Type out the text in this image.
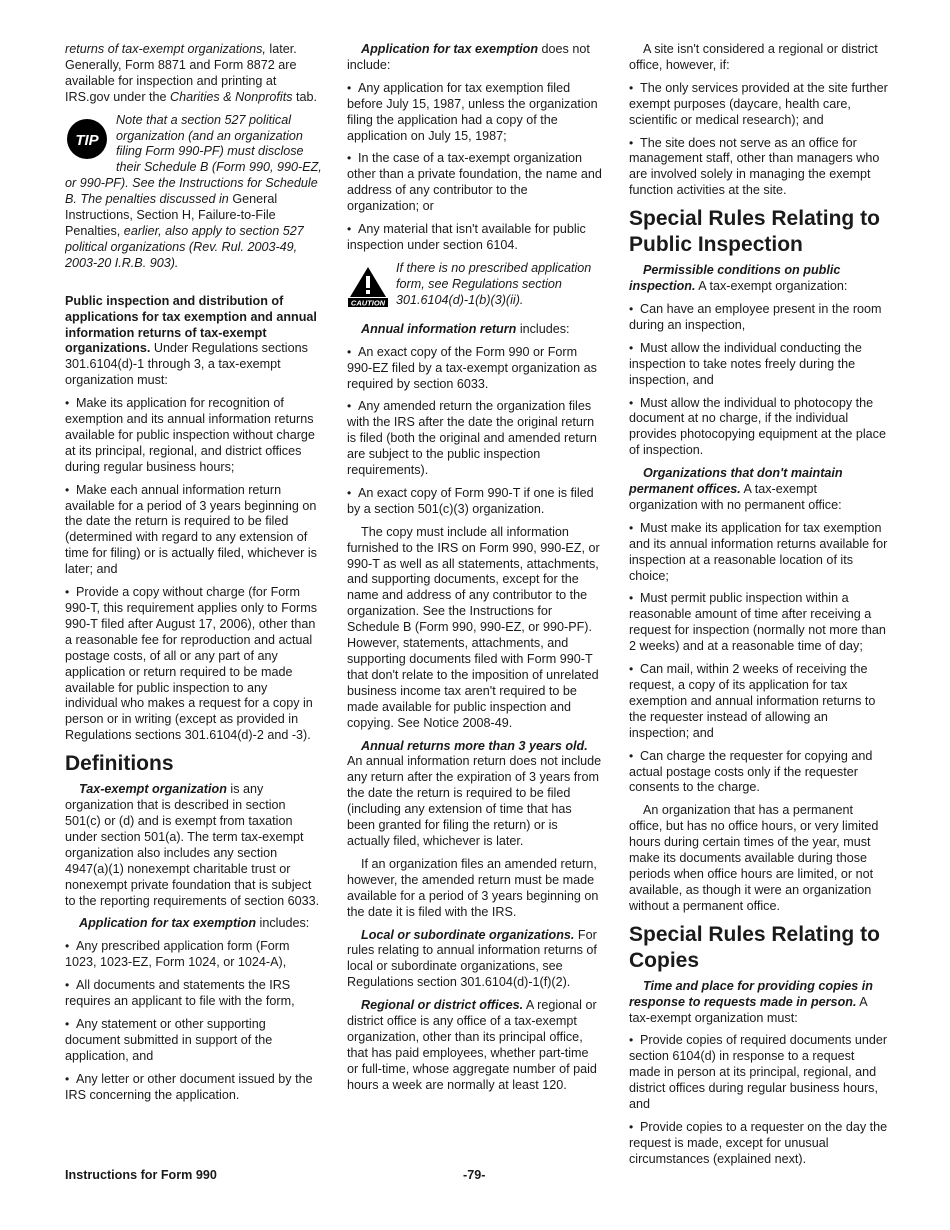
returns of tax-exempt organizations, later. Generally, Form 8871 and Form 8872 are available for inspection and printing at IRS.gov under the Charities & Nonprofits tab.

TIP
Note that a section 527 political organization (and an organization filing Form 990-PF) must disclose their Schedule B (Form 990, 990-EZ, or 990-PF). See the Instructions for Schedule B. The penalties discussed in General Instructions, Section H, Failure-to-File Penalties, earlier, also apply to section 527 political organizations (Rev. Rul. 2003-49, 2003-20 I.R.B. 903).

Public inspection and distribution of applications for tax exemption and annual information returns of tax-exempt organizations. Under Regulations sections 301.6104(d)-1 through 3, a tax-exempt organization must:

• Make its application for recognition of exemption and its annual information returns available for public inspection without charge at its principal, regional, and district offices during regular business hours;

• Make each annual information return available for a period of 3 years beginning on the date the return is required to be filed (determined with regard to any extension of time for filing) or is actually filed, whichever is later; and

• Provide a copy without charge (for Form 990-T, this requirement applies only to Forms 990-T filed after August 17, 2006), other than a reasonable fee for reproduction and actual postage costs, of all or any part of any application or return required to be made available for public inspection to any individual who makes a request for a copy in person or in writing (except as provided in Regulations sections 301.6104(d)-2 and -3).

Definitions

Tax-exempt organization is any organization that is described in section 501(c) or (d) and is exempt from taxation under section 501(a). The term tax-exempt organization also includes any section 4947(a)(1) nonexempt charitable trust or nonexempt private foundation that is subject to the reporting requirements of section 6033.

Application for tax exemption includes:

• Any prescribed application form (Form 1023, 1023-EZ, Form 1024, or 1024-A),

• All documents and statements the IRS requires an applicant to file with the form,

• Any statement or other supporting document submitted in support of the application, and

• Any letter or other document issued by the IRS concerning the application.

Application for tax exemption does not include:

• Any application for tax exemption filed before July 15, 1987, unless the organization filing the application had a copy of the application on July 15, 1987;

• In the case of a tax-exempt organization other than a private foundation, the name and address of any contributor to the organization; or

• Any material that isn't available for public inspection under section 6104.

CAUTION
If there is no prescribed application form, see Regulations section 301.6104(d)-1(b)(3)(ii).

Annual information return includes:

• An exact copy of the Form 990 or Form 990-EZ filed by a tax-exempt organization as required by section 6033.

• Any amended return the organization files with the IRS after the date the original return is filed (both the original and amended return are subject to the public inspection requirements).

• An exact copy of Form 990-T if one is filed by a section 501(c)(3) organization.

The copy must include all information furnished to the IRS on Form 990, 990-EZ, or 990-T as well as all statements, attachments, and supporting documents, except for the name and address of any contributor to the organization. See the Instructions for Schedule B (Form 990, 990-EZ, or 990-PF). However, statements, attachments, and supporting documents filed with Form 990-T that don't relate to the imposition of unrelated business income tax aren't required to be made available for public inspection and copying. See Notice 2008-49.

Annual returns more than 3 years old. An annual information return does not include any return after the expiration of 3 years from the date the return is required to be filed (including any extension of time that has been granted for filing the return) or is actually filed, whichever is later.

If an organization files an amended return, however, the amended return must be made available for a period of 3 years beginning on the date it is filed with the IRS.

Local or subordinate organizations. For rules relating to annual information returns of local or subordinate organizations, see Regulations section 301.6104(d)-1(f)(2).

Regional or district offices. A regional or district office is any office of a tax-exempt organization, other than its principal office, that has paid employees, whether part-time or full-time, whose aggregate number of paid hours a week are normally at least 120.

A site isn't considered a regional or district office, however, if:

• The only services provided at the site further exempt purposes (daycare, health care, scientific or medical research); and

• The site does not serve as an office for management staff, other than managers who are involved solely in managing the exempt function activities at the site.

Special Rules Relating to Public Inspection

Permissible conditions on public inspection. A tax-exempt organization:

• Can have an employee present in the room during an inspection,

• Must allow the individual conducting the inspection to take notes freely during the inspection, and

• Must allow the individual to photocopy the document at no charge, if the individual provides photocopying equipment at the place of inspection.

Organizations that don't maintain permanent offices. A tax-exempt organization with no permanent office:

• Must make its application for tax exemption and its annual information returns available for inspection at a reasonable location of its choice;

• Must permit public inspection within a reasonable amount of time after receiving a request for inspection (normally not more than 2 weeks) and at a reasonable time of day;

• Can mail, within 2 weeks of receiving the request, a copy of its application for tax exemption and annual information returns to the requester instead of allowing an inspection; and

• Can charge the requester for copying and actual postage costs only if the requester consents to the charge.

An organization that has a permanent office, but has no office hours, or very limited hours during certain times of the year, must make its documents available during those periods when office hours are limited, or not available, as though it were an organization without a permanent office.

Special Rules Relating to Copies

Time and place for providing copies in response to requests made in person. A tax-exempt organization must:

• Provide copies of required documents under section 6104(d) in response to a request made in person at its principal, regional, and district offices during regular business hours, and

• Provide copies to a requester on the day the request is made, except for unusual circumstances (explained next).

Instructions for Form 990	-79-
